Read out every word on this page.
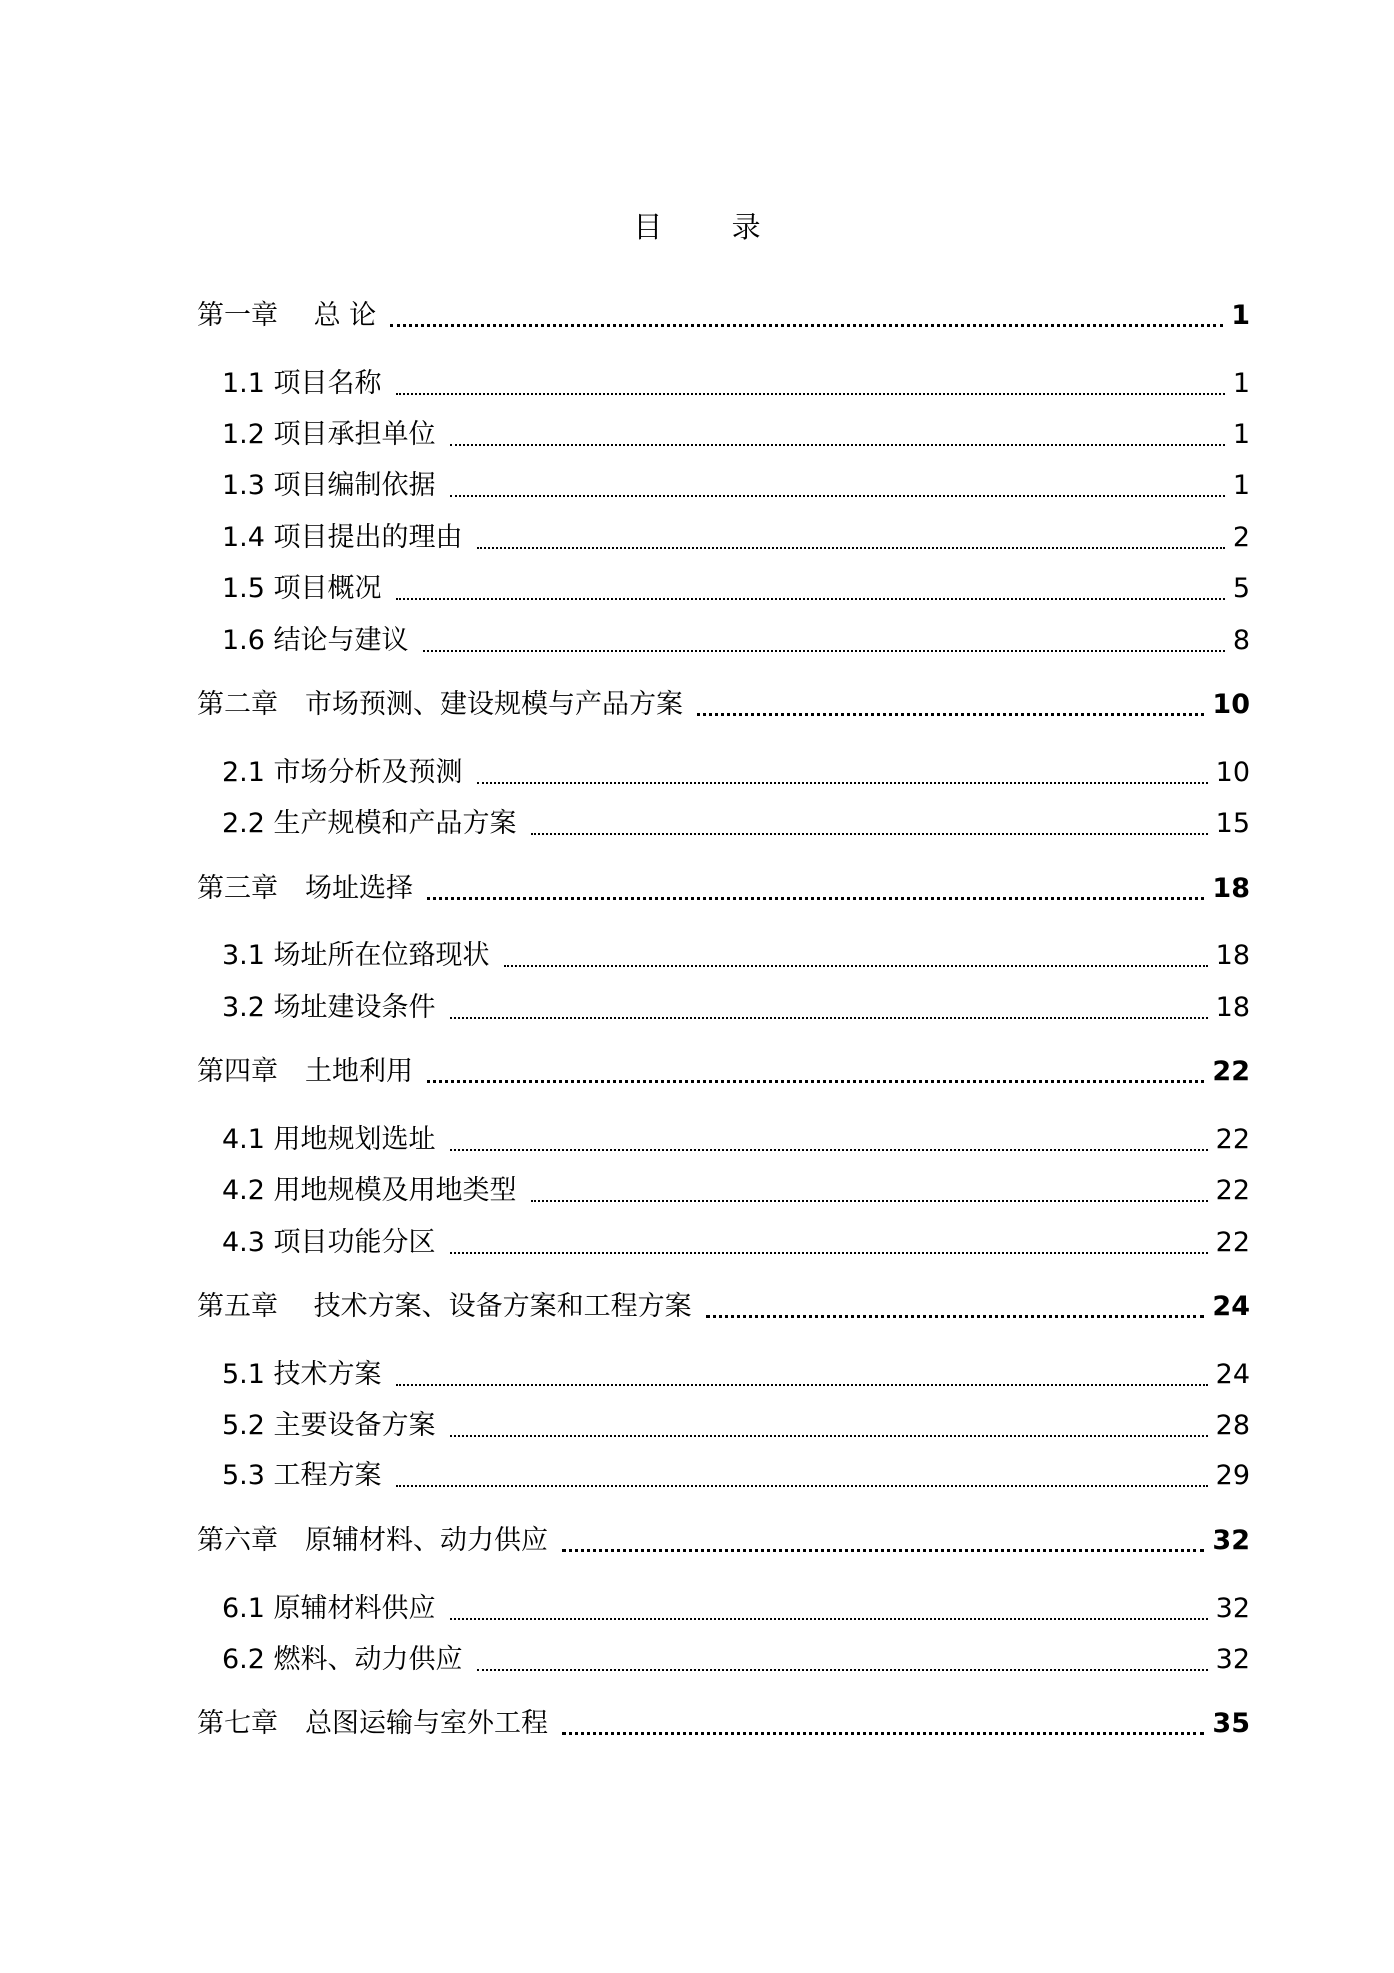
目 录
第一章　 总 论	1
1.1 项目名称	1
1.2 项目承担单位	1
1.3 项目编制依据	1
1.4 项目提出的理由	2
1.5 项目概况	5
1.6 结论与建议	8
第二章　市场预测、建设规模与产品方案	10
2.1 市场分析及预测	10
2.2 生产规模和产品方案	15
第三章　场址选择	18
3.1 场址所在位臵现状	18
3.2 场址建设条件	18
第四章　土地利用	22
4.1 用地规划选址	22
4.2 用地规模及用地类型	22
4.3 项目功能分区	22
第五章　 技术方案、设备方案和工程方案	24
5.1 技术方案	24
5.2 主要设备方案	28
5.3 工程方案	29
第六章　原辅材料、动力供应	32
6.1 原辅材料供应	32
6.2 燃料、动力供应	32
第七章　总图运输与室外工程	35
